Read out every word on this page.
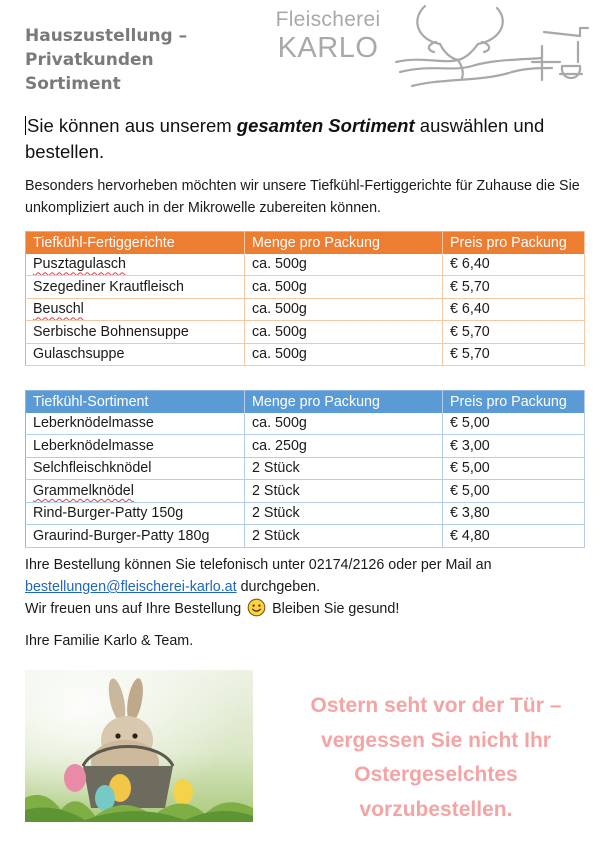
Hauszustellung –
Privatkunden
Sortiment
Fleischerei
KARLO
Sie können aus unserem gesamten Sortiment auswählen und bestellen.
Besonders hervorheben möchten wir unsere Tiefkühl-Fertiggerichte für Zuhause die Sie unkompliziert auch in der Mikrowelle zubereiten können.
Tiefkühl-Fertiggerichte	Menge pro Packung	Preis pro Packung
Pusztagulasch	ca. 500g	€ 6,40
Szegediner Krautfleisch	ca. 500g	€ 5,70
Beuschl	ca. 500g	€ 6,40
Serbische Bohnensuppe	ca. 500g	€ 5,70
Gulaschsuppe	ca. 500g	€ 5,70
Tiefkühl-Sortiment	Menge pro Packung	Preis pro Packung
Leberknödelmasse	ca. 500g	€ 5,00
Leberknödelmasse	ca. 250g	€ 3,00
Selchfleischknödel	2 Stück	€ 5,00
Grammelknödel	2 Stück	€ 5,00
Rind-Burger-Patty 150g	2 Stück	€ 3,80
Graurind-Burger-Patty 180g	2 Stück	€ 4,80
Ihre Bestellung können Sie telefonisch unter 02174/2126 oder per Mail an
bestellungen@fleischerei-karlo.at durchgeben.
Wir freuen uns auf Ihre Bestellung  Bleiben Sie gesund!
Ihre Familie Karlo & Team.
Ostern seht vor der Tür –
vergessen Sie nicht Ihr
Ostergeselchtes
vorzubestellen.
